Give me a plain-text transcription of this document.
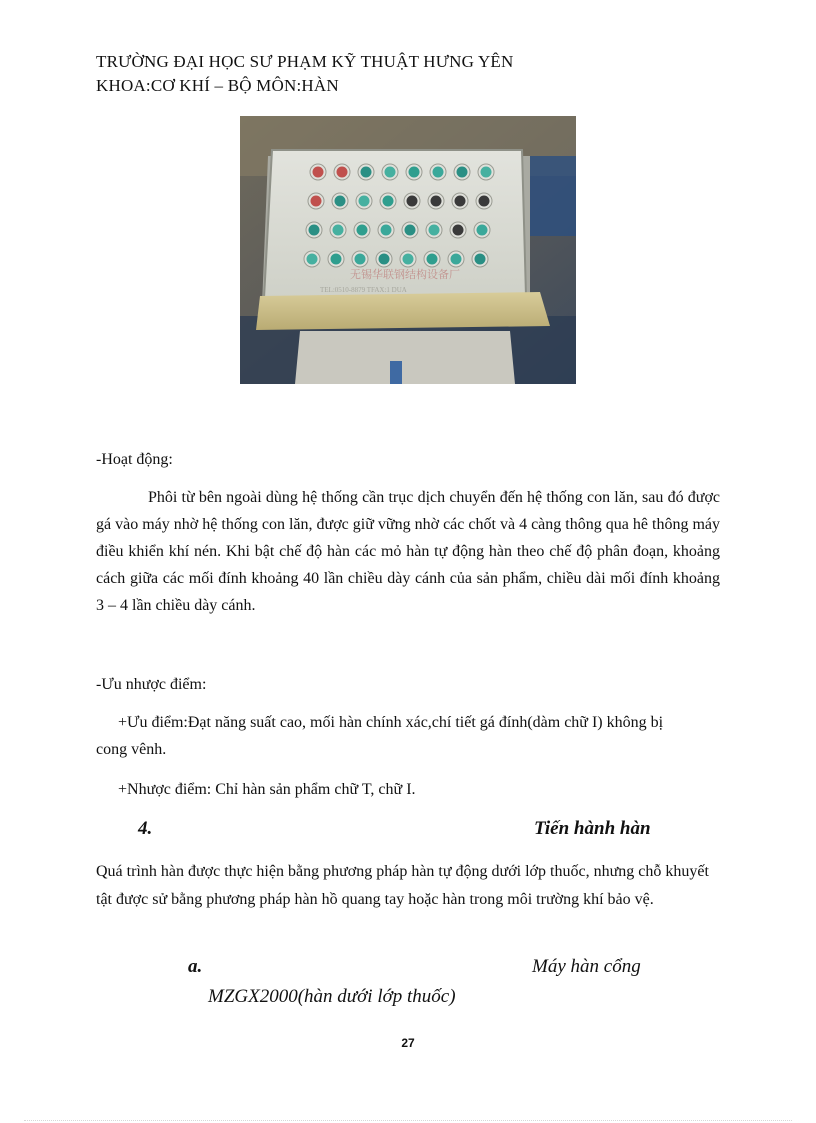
TRƯỜNG ĐẠI HỌC SƯ PHẠM KỸ THUẬT HƯNG YÊN
KHOA:CƠ KHÍ – BỘ MÔN:HÀN
无锡华联钢结构设备厂
TEL:0510-8879 TFAX:1 DUA
-Hoạt động:
Phôi từ bên ngoài dùng hệ thống cần trục dịch chuyển đến hệ thống con lăn, sau đó được gá vào máy nhờ hệ thống con lăn, được giữ vững nhờ các chốt và 4 càng thông qua hê thông máy điều khiển khí nén. Khi bật chế độ hàn các mỏ hàn tự động hàn theo chế độ phân đoạn, khoảng cách giữa các mối đính khoảng 40 lần chiều dày cánh của sản phẩm, chiều dài mối đính khoảng 3 – 4 lần chiều dày cánh.
-Ưu nhược điểm:
+Ưu điểm:Đạt năng suất cao, mối hàn chính xác,chí tiết gá đính(dàm chữ I) không bị cong vênh.
+Nhược điểm: Chỉ hàn sản phẩm chữ T, chữ I.
4.	Tiến hành hàn
Quá trình hàn được thực hiện bằng phương pháp hàn tự động dưới lớp thuốc, nhưng chỗ khuyết tật được sử bằng phương pháp hàn hồ quang tay hoặc hàn trong môi trường khí bảo vệ.
a.	Máy hàn cổng
MZGX2000(hàn dưới lớp thuốc)
27
